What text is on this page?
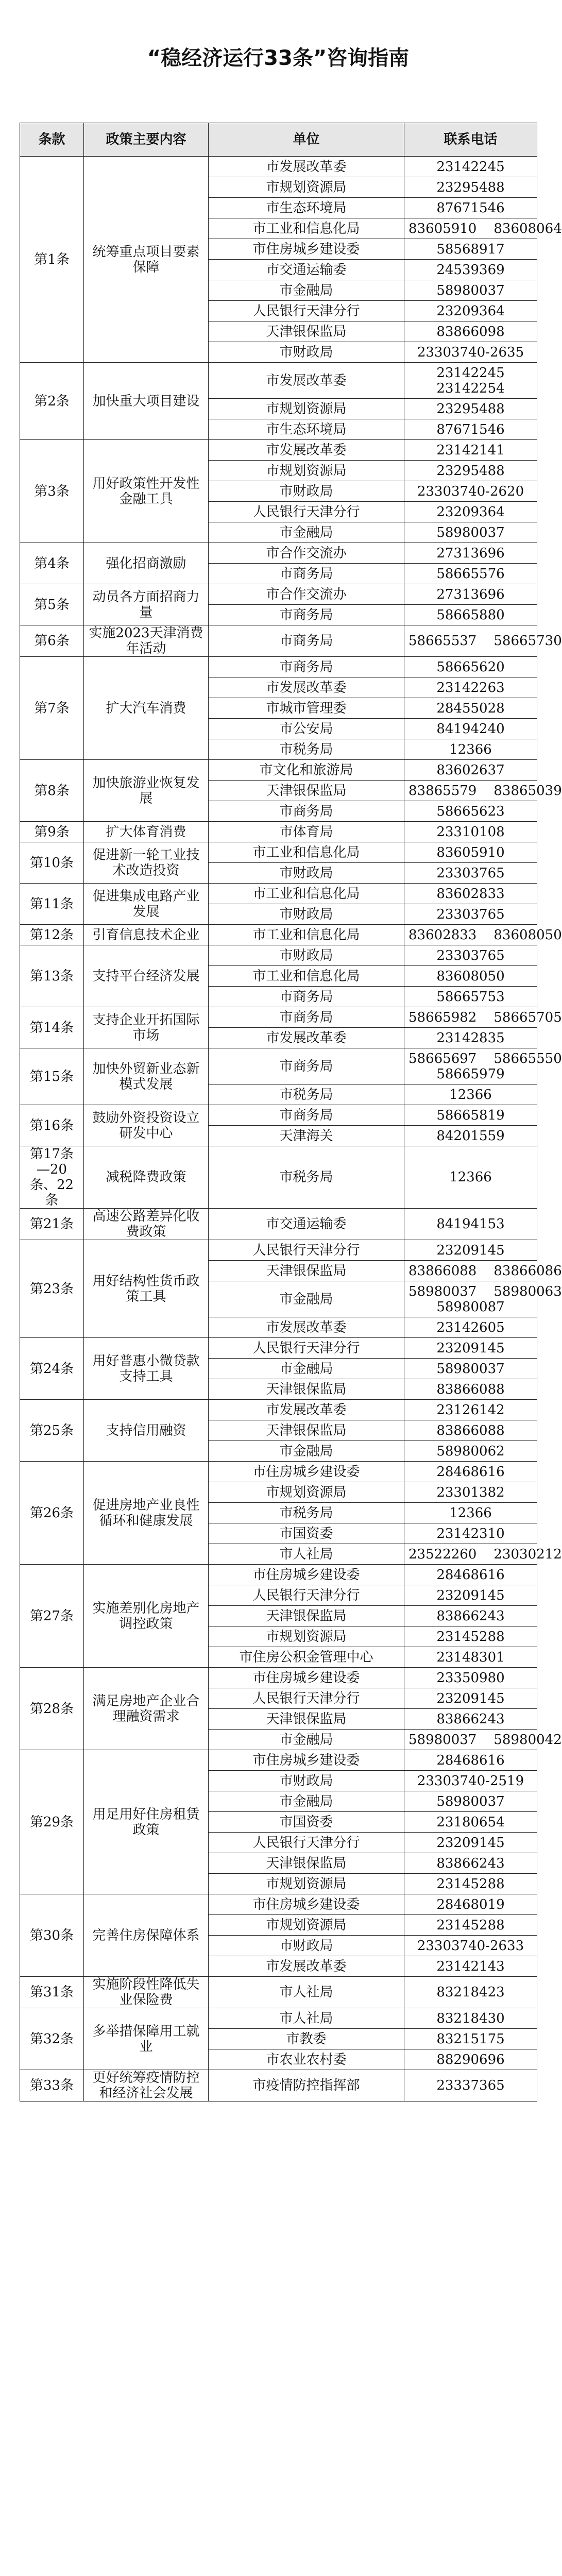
“稳经济运行33条”咨询指南
条款	政策主要内容	单位	联系电话
第1条	统筹重点项目要素保障	市发展改革委	23142245
		市规划资源局	23295488
		市生态环境局	87671546
		市工业和信息化局	83605910    83608064
		市住房城乡建设委	58568917
		市交通运输委	24539369
		市金融局	58980037
		人民银行天津分行	23209364
		天津银保监局	83866098
		市财政局	23303740-2635
第2条	加快重大项目建设	市发展改革委	23142245
23142254
		市规划资源局	23295488
		市生态环境局	87671546
第3条	用好政策性开发性金融工具	市发展改革委	23142141
		市规划资源局	23295488
		市财政局	23303740-2620
		人民银行天津分行	23209364
		市金融局	58980037
第4条	强化招商激励	市合作交流办	27313696
		市商务局	58665576
第5条	动员各方面招商力量	市合作交流办	27313696
		市商务局	58665880
第6条	实施2023天津消费年活动	市商务局	58665537    58665730
第7条	扩大汽车消费	市商务局	58665620
		市发展改革委	23142263
		市城市管理委	28455028
		市公安局	84194240
		市税务局	12366
第8条	加快旅游业恢复发展	市文化和旅游局	83602637
		天津银保监局	83865579    83865039
		市商务局	58665623
第9条	扩大体育消费	市体育局	23310108
第10条	促进新一轮工业技术改造投资	市工业和信息化局	83605910
		市财政局	23303765
第11条	促进集成电路产业发展	市工业和信息化局	83602833
		市财政局	23303765
第12条	引育信息技术企业	市工业和信息化局	83602833    83608050
第13条	支持平台经济发展	市财政局	23303765
		市工业和信息化局	83608050
		市商务局	58665753
第14条	支持企业开拓国际市场	市商务局	58665982    58665705
		市发展改革委	23142835
第15条	加快外贸新业态新模式发展	市商务局	58665697    58665550
58665979
		市税务局	12366
第16条	鼓励外资投资设立研发中心	市商务局	58665819
		天津海关	84201559
第17条—20条、22条	减税降费政策	市税务局	12366
第21条	高速公路差异化收费政策	市交通运输委	84194153
第23条	用好结构性货币政策工具	人民银行天津分行	23209145
		天津银保监局	83866088    83866086
		市金融局	58980037    58980063
58980087
		市发展改革委	23142605
第24条	用好普惠小微贷款支持工具	人民银行天津分行	23209145
		市金融局	58980037
		天津银保监局	83866088
第25条	支持信用融资	市发展改革委	23126142
		天津银保监局	83866088
		市金融局	58980062
第26条	促进房地产业良性循环和健康发展	市住房城乡建设委	28468616
		市规划资源局	23301382
		市税务局	12366
		市国资委	23142310
		市人社局	23522260    23030212
第27条	实施差别化房地产调控政策	市住房城乡建设委	28468616
		人民银行天津分行	23209145
		天津银保监局	83866243
		市规划资源局	23145288
		市住房公积金管理中心	23148301
第28条	满足房地产企业合理融资需求	市住房城乡建设委	23350980
		人民银行天津分行	23209145
		天津银保监局	83866243
		市金融局	58980037    58980042
第29条	用足用好住房租赁政策	市住房城乡建设委	28468616
		市财政局	23303740-2519
		市金融局	58980037
		市国资委	23180654
		人民银行天津分行	23209145
		天津银保监局	83866243
		市规划资源局	23145288
第30条	完善住房保障体系	市住房城乡建设委	28468019
		市规划资源局	23145288
		市财政局	23303740-2633
		市发展改革委	23142143
第31条	实施阶段性降低失业保险费	市人社局	83218423
第32条	多举措保障用工就业	市人社局	83218430
		市教委	83215175
		市农业农村委	88290696
第33条	更好统筹疫情防控和经济社会发展	市疫情防控指挥部	23337365
